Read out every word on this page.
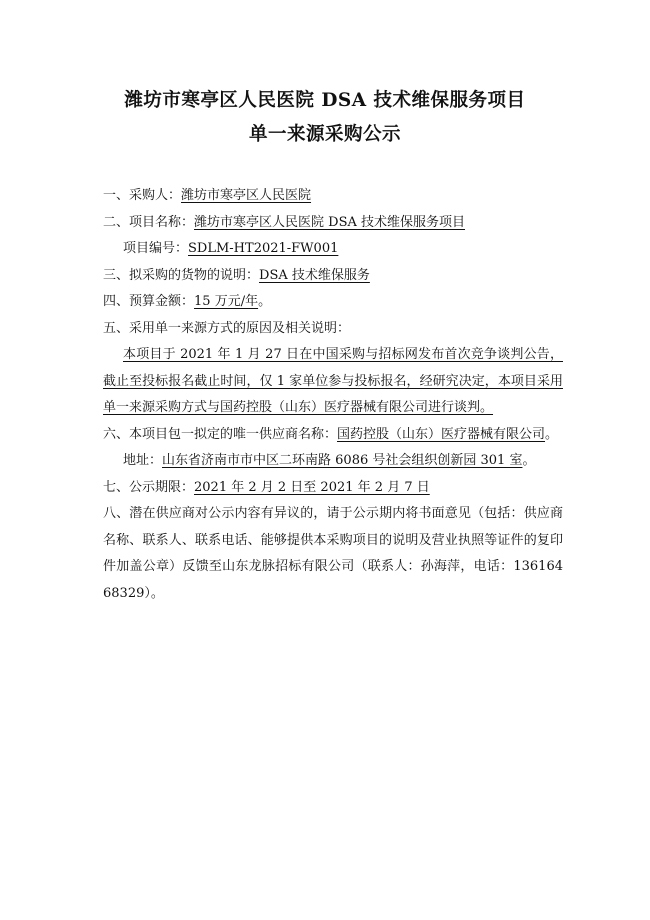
潍坊市寒亭区人民医院 DSA 技术维保服务项目
单一来源采购公示
一、采购人：潍坊市寒亭区人民医院
二、项目名称：潍坊市寒亭区人民医院 DSA 技术维保服务项目
项目编号：SDLM-HT2021-FW001
三、拟采购的货物的说明：DSA 技术维保服务
四、预算金额：15 万元/年。
五、采用单一来源方式的原因及相关说明：
本项目于 2021 年 1 月 27 日在中国采购与招标网发布首次竞争谈判公告，截止至投标报名截止时间，仅 1 家单位参与投标报名，经研究决定，本项目采用单一来源采购方式与国药控股（山东）医疗器械有限公司进行谈判。
六、本项目包一拟定的唯一供应商名称：国药控股（山东）医疗器械有限公司。
地址：山东省济南市市中区二环南路 6086 号社会组织创新园 301 室。
七、公示期限：2021 年 2 月 2 日至 2021 年 2 月 7 日
八、潜在供应商对公示内容有异议的，请于公示期内将书面意见（包括：供应商名称、联系人、联系电话、能够提供本采购项目的说明及营业执照等证件的复印件加盖公章）反馈至山东龙脉招标有限公司（联系人：孙海萍，电话：13616468329）。
